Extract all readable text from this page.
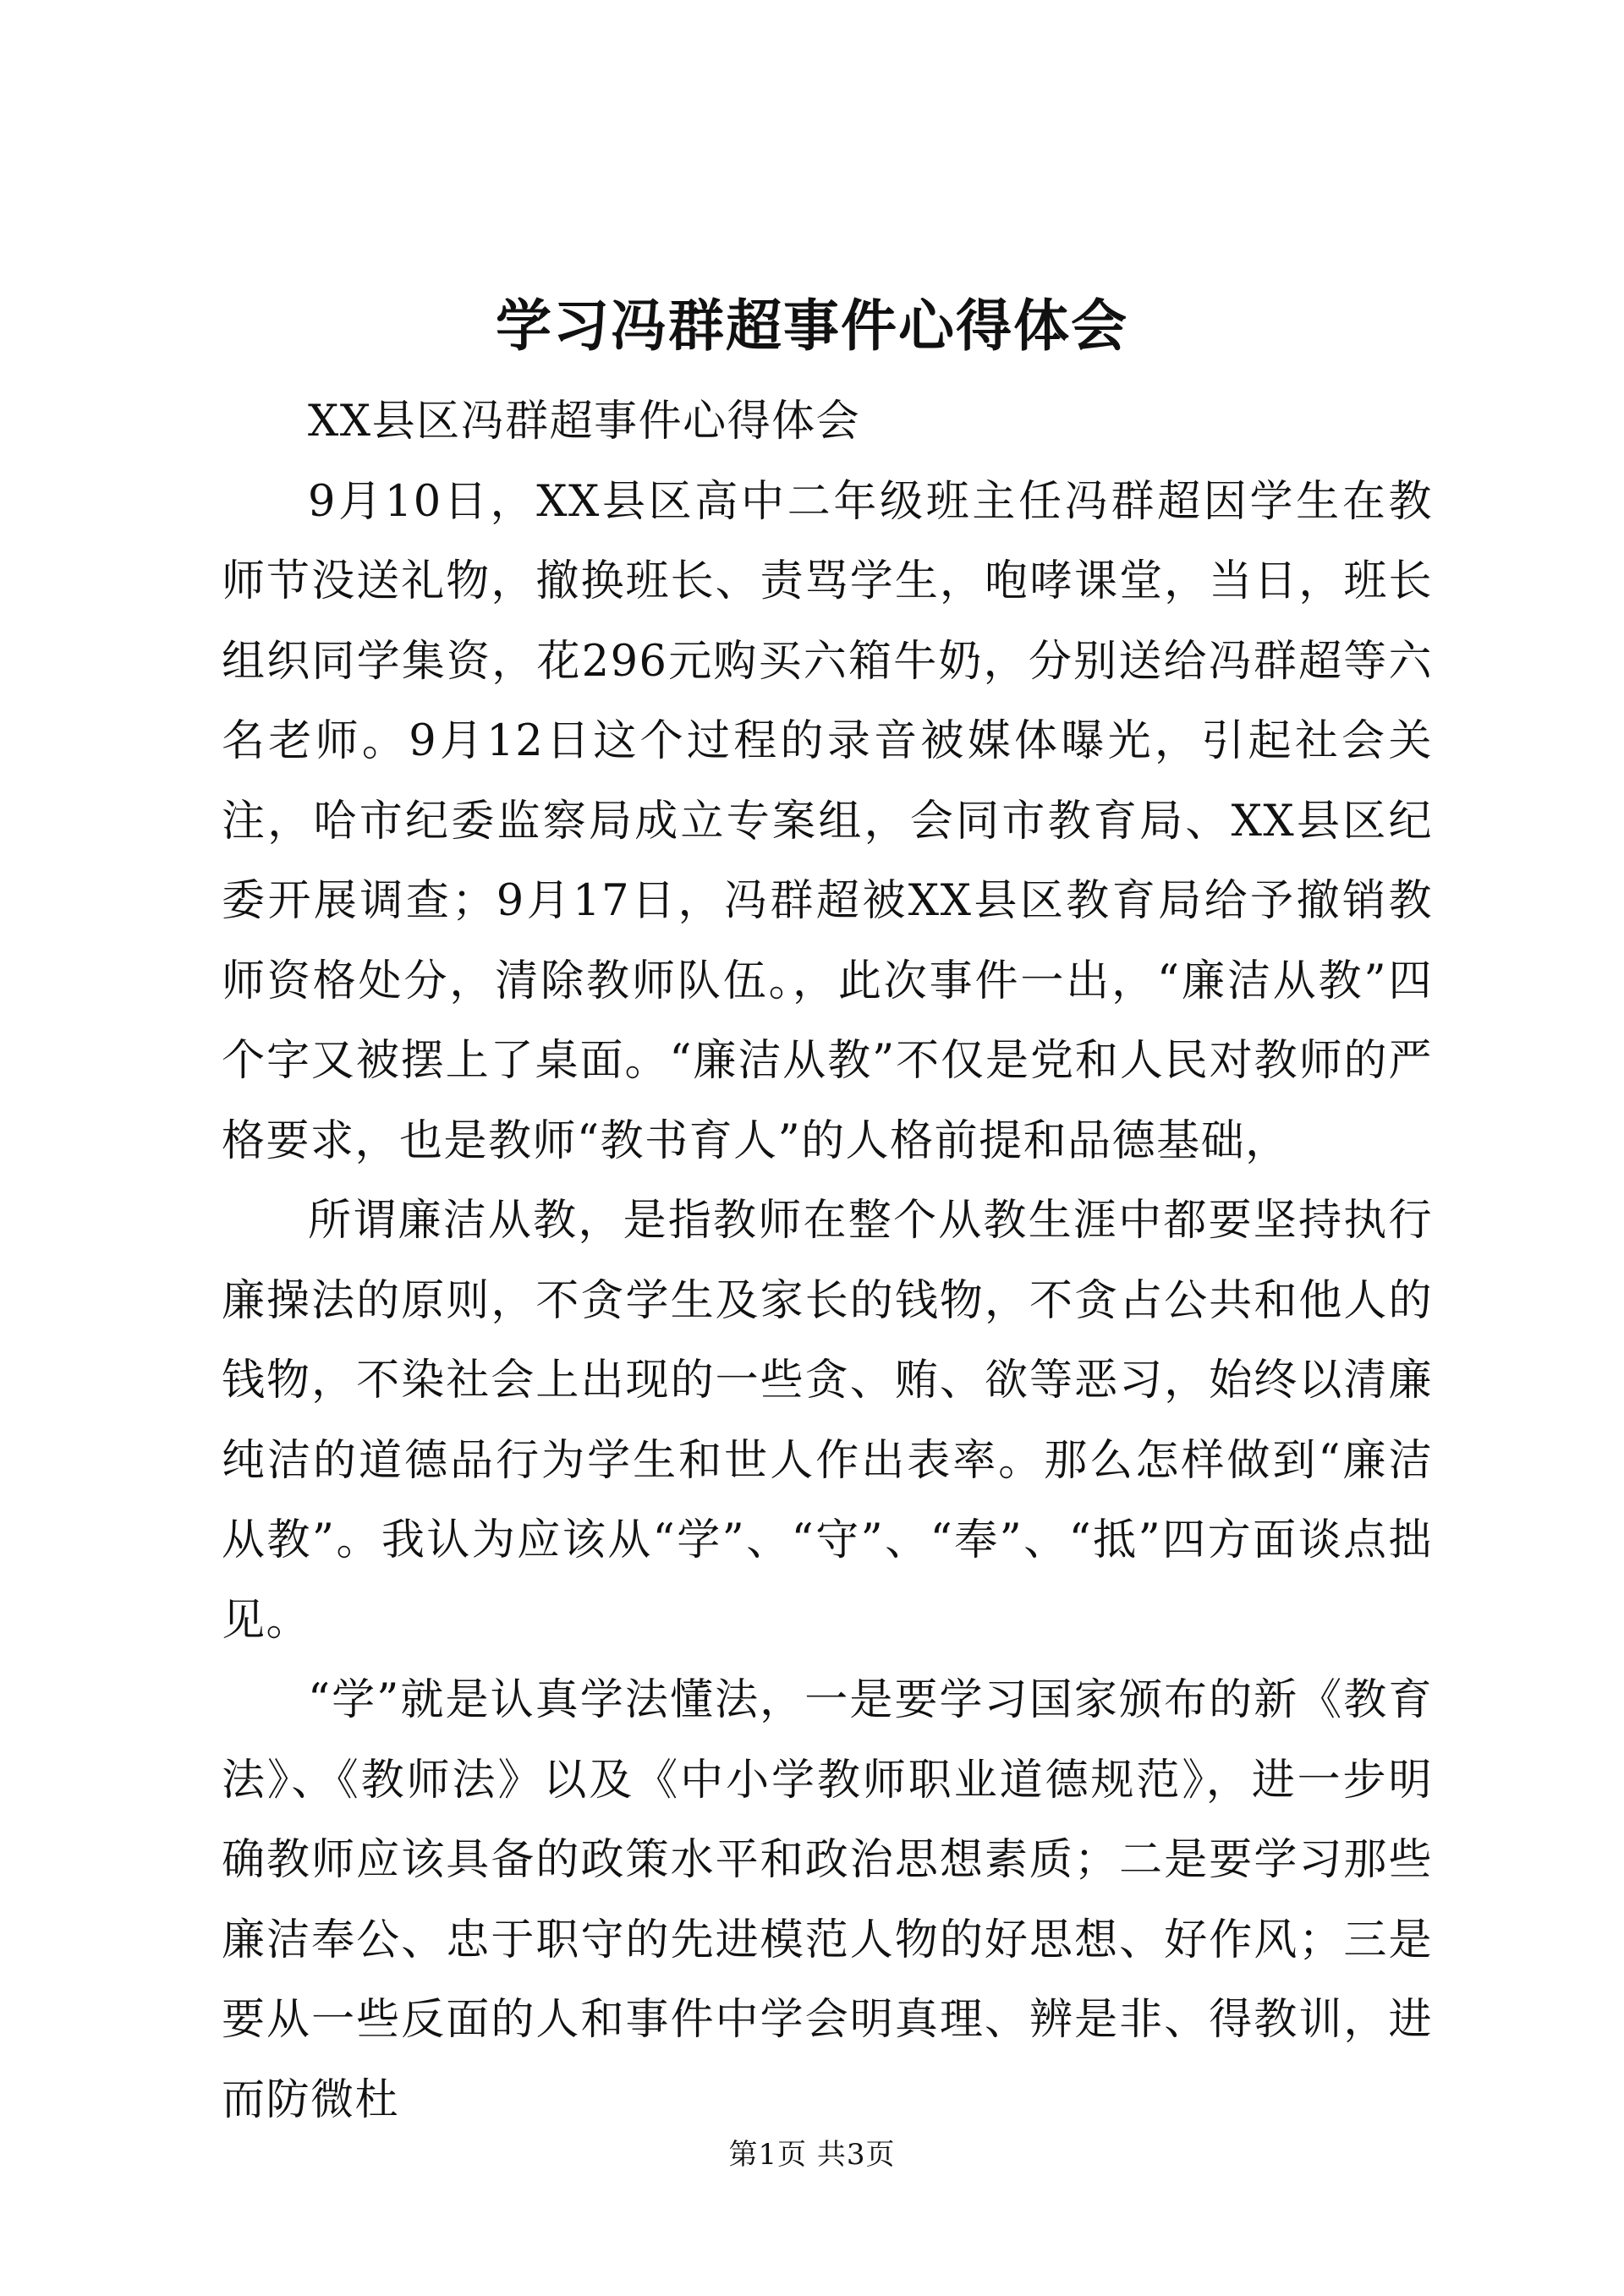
学习冯群超事件心得体会

XX县区冯群超事件心得体会

9月10日，XX县区高中二年级班主任冯群超因学生在教师节没送礼物，撤换班长、责骂学生，咆哮课堂，当日，班长组织同学集资，花296元购买六箱牛奶，分别送给冯群超等六名老师。9月12日这个过程的录音被媒体曝光，引起社会关注，哈市纪委监察局成立专案组，会同市教育局、XX县区纪委开展调查；9月17日，冯群超被XX县区教育局给予撤销教师资格处分，清除教师队伍。，此次事件一出，“廉洁从教”四个字又被摆上了桌面。“廉洁从教”不仅是党和人民对教师的严格要求，也是教师“教书育人”的人格前提和品德基础，

所谓廉洁从教，是指教师在整个从教生涯中都要坚持执行廉操法的原则，不贪学生及家长的钱物，不贪占公共和他人的钱物，不染社会上出现的一些贪、贿、欲等恶习，始终以清廉纯洁的道德品行为学生和世人作出表率。那么怎样做到“廉洁从教”。我认为应该从“学”、“守”、“奉”、“抵”四方面谈点拙见。

“学”就是认真学法懂法，一是要学习国家颁布的新《教育法》、《教师法》以及《中小学教师职业道德规范》，进一步明确教师应该具备的政策水平和政治思想素质；二是要学习那些廉洁奉公、忠于职守的先进模范人物的好思想、好作风；三是要从一些反面的人和事件中学会明真理、辨是非、得教训，进而防微杜

第1页 共3页
